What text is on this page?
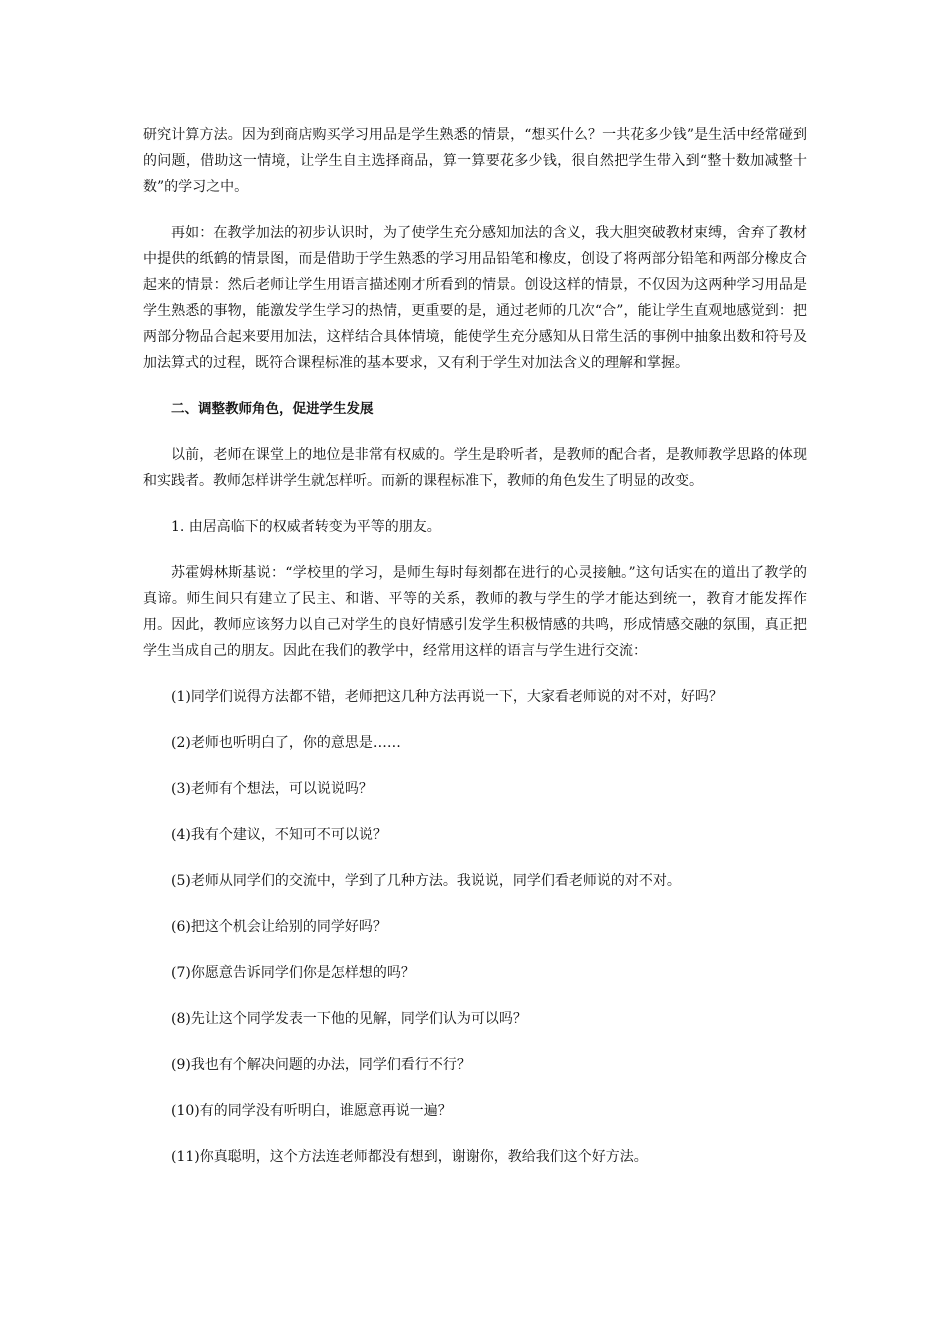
研究计算方法。因为到商店购买学习用品是学生熟悉的情景，“想买什么？一共花多少钱”是生活中经常碰到的问题，借助这一情境，让学生自主选择商品，算一算要花多少钱，很自然把学生带入到“整十数加减整十数”的学习之中。

再如：在教学加法的初步认识时，为了使学生充分感知加法的含义，我大胆突破教材束缚，舍弃了教材中提供的纸鹤的情景图，而是借助于学生熟悉的学习用品铅笔和橡皮，创设了将两部分铅笔和两部分橡皮合起来的情景：然后老师让学生用语言描述刚才所看到的情景。创设这样的情景，不仅因为这两种学习用品是学生熟悉的事物，能激发学生学习的热情，更重要的是，通过老师的几次“合”，能让学生直观地感觉到：把两部分物品合起来要用加法，这样结合具体情境，能使学生充分感知从日常生活的事例中抽象出数和符号及加法算式的过程，既符合课程标准的基本要求，又有利于学生对加法含义的理解和掌握。

二、调整教师角色，促进学生发展

以前，老师在课堂上的地位是非常有权威的。学生是聆听者，是教师的配合者，是教师教学思路的体现和实践者。教师怎样讲学生就怎样听。而新的课程标准下，教师的角色发生了明显的改变。

1. 由居高临下的权威者转变为平等的朋友。

苏霍姆林斯基说：“学校里的学习，是师生每时每刻都在进行的心灵接触。”这句话实在的道出了教学的真谛。师生间只有建立了民主、和谐、平等的关系，教师的教与学生的学才能达到统一，教育才能发挥作用。因此，教师应该努力以自己对学生的良好情感引发学生积极情感的共鸣，形成情感交融的氛围，真正把学生当成自己的朋友。因此在我们的教学中，经常用这样的语言与学生进行交流：

(1)同学们说得方法都不错，老师把这几种方法再说一下，大家看老师说的对不对，好吗？

(2)老师也听明白了，你的意思是……

(3)老师有个想法，可以说说吗？

(4)我有个建议，不知可不可以说？

(5)老师从同学们的交流中，学到了几种方法。我说说，同学们看老师说的对不对。

(6)把这个机会让给别的同学好吗？

(7)你愿意告诉同学们你是怎样想的吗？

(8)先让这个同学发表一下他的见解，同学们认为可以吗？

(9)我也有个解决问题的办法，同学们看行不行？

(10)有的同学没有听明白，谁愿意再说一遍？

(11)你真聪明，这个方法连老师都没有想到，谢谢你，教给我们这个好方法。
